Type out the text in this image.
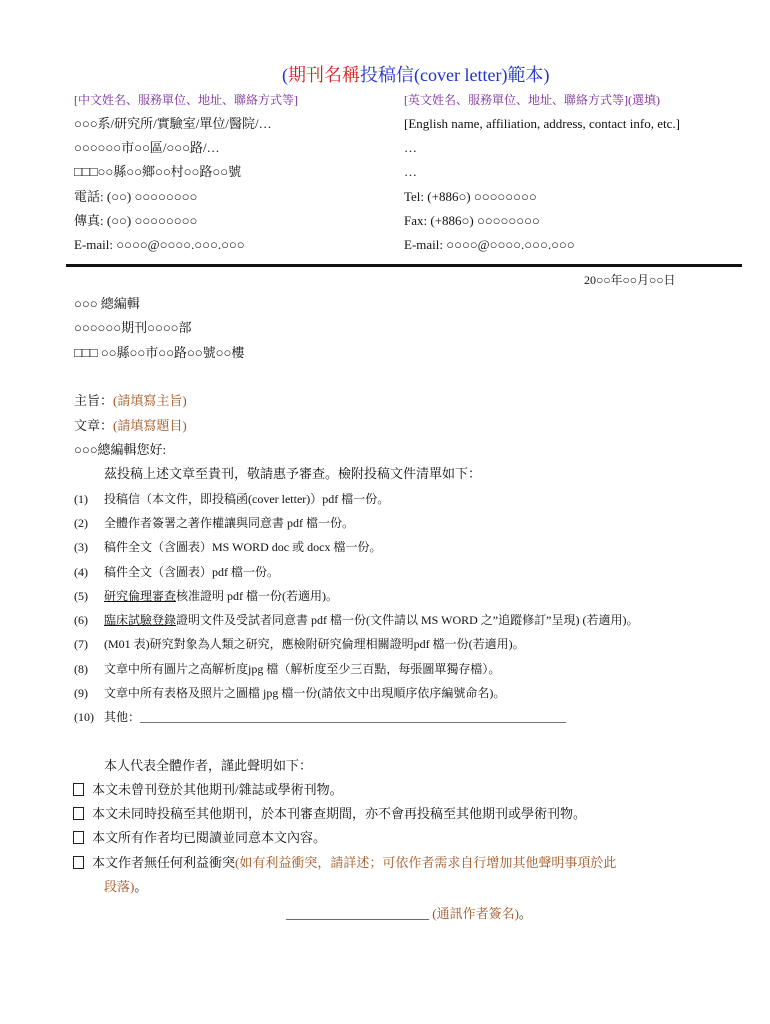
(期刊名稱投稿信(cover letter)範本)
[中文姓名、服務單位、地址、聯絡方式等]	[英文姓名、服務單位、地址、聯絡方式等](選填)
○○○系/研究所/實驗室/單位/醫院/…
○○○○○○市○○區/○○○路/…
□□□○○縣○○鄉○○村○○路○○號
電話: (○○) ○○○○○○○○
傳真: (○○) ○○○○○○○○
E-mail: ○○○○@○○○○.○○○.○○○
[English name, affiliation, address, contact info, etc.]
…
…
Tel: (+886○) ○○○○○○○○
Fax: (+886○) ○○○○○○○○
E-mail: ○○○○@○○○○.○○○.○○○
20○○年○○月○○日
○○○ 總編輯
○○○○○○期刊○○○○部
□□□ ○○縣○○市○○路○○號○○樓
主旨：(請填寫主旨)
文章：(請填寫題目)
○○○總編輯您好:
茲投稿上述文章至貴刊，敬請惠予審查。檢附投稿文件清單如下：
(1) 投稿信（本文件，即投稿函(cover letter)）pdf 檔一份。
(2) 全體作者簽署之著作權讓與同意書 pdf 檔一份。
(3) 稿件全文（含圖表）MS WORD doc 或 docx 檔一份。
(4) 稿件全文（含圖表）pdf 檔一份。
(5) 研究倫理審查核准證明 pdf 檔一份(若適用)。
(6) 臨床試驗登錄證明文件及受試者同意書 pdf 檔一份(文件請以 MS WORD 之”追蹤修訂”呈現) (若適用)。
(7) (M01 表)研究對象為人類之研究，應檢附研究倫理相關證明pdf 檔一份(若適用)。
(8) 文章中所有圖片之高解析度jpg 檔（解析度至少三百點，每張圖單獨存檔）。
(9) 文章中所有表格及照片之圖檔 jpg 檔一份(請依文中出現順序依序編號命名)。
(10) 其他：_______________________________________________________________________
本人代表全體作者，謹此聲明如下：
本文未曾刊登於其他期刊/雜誌或學術刊物。
本文未同時投稿至其他期刊，於本刊審查期間，亦不會再投稿至其他期刊或學術刊物。
本文所有作者均已閱讀並同意本文內容。
本文作者無任何利益衝突(如有利益衝突，請詳述；可依作者需求自行增加其他聲明事項於此
段落)。
______________________ (通訊作者簽名)。
